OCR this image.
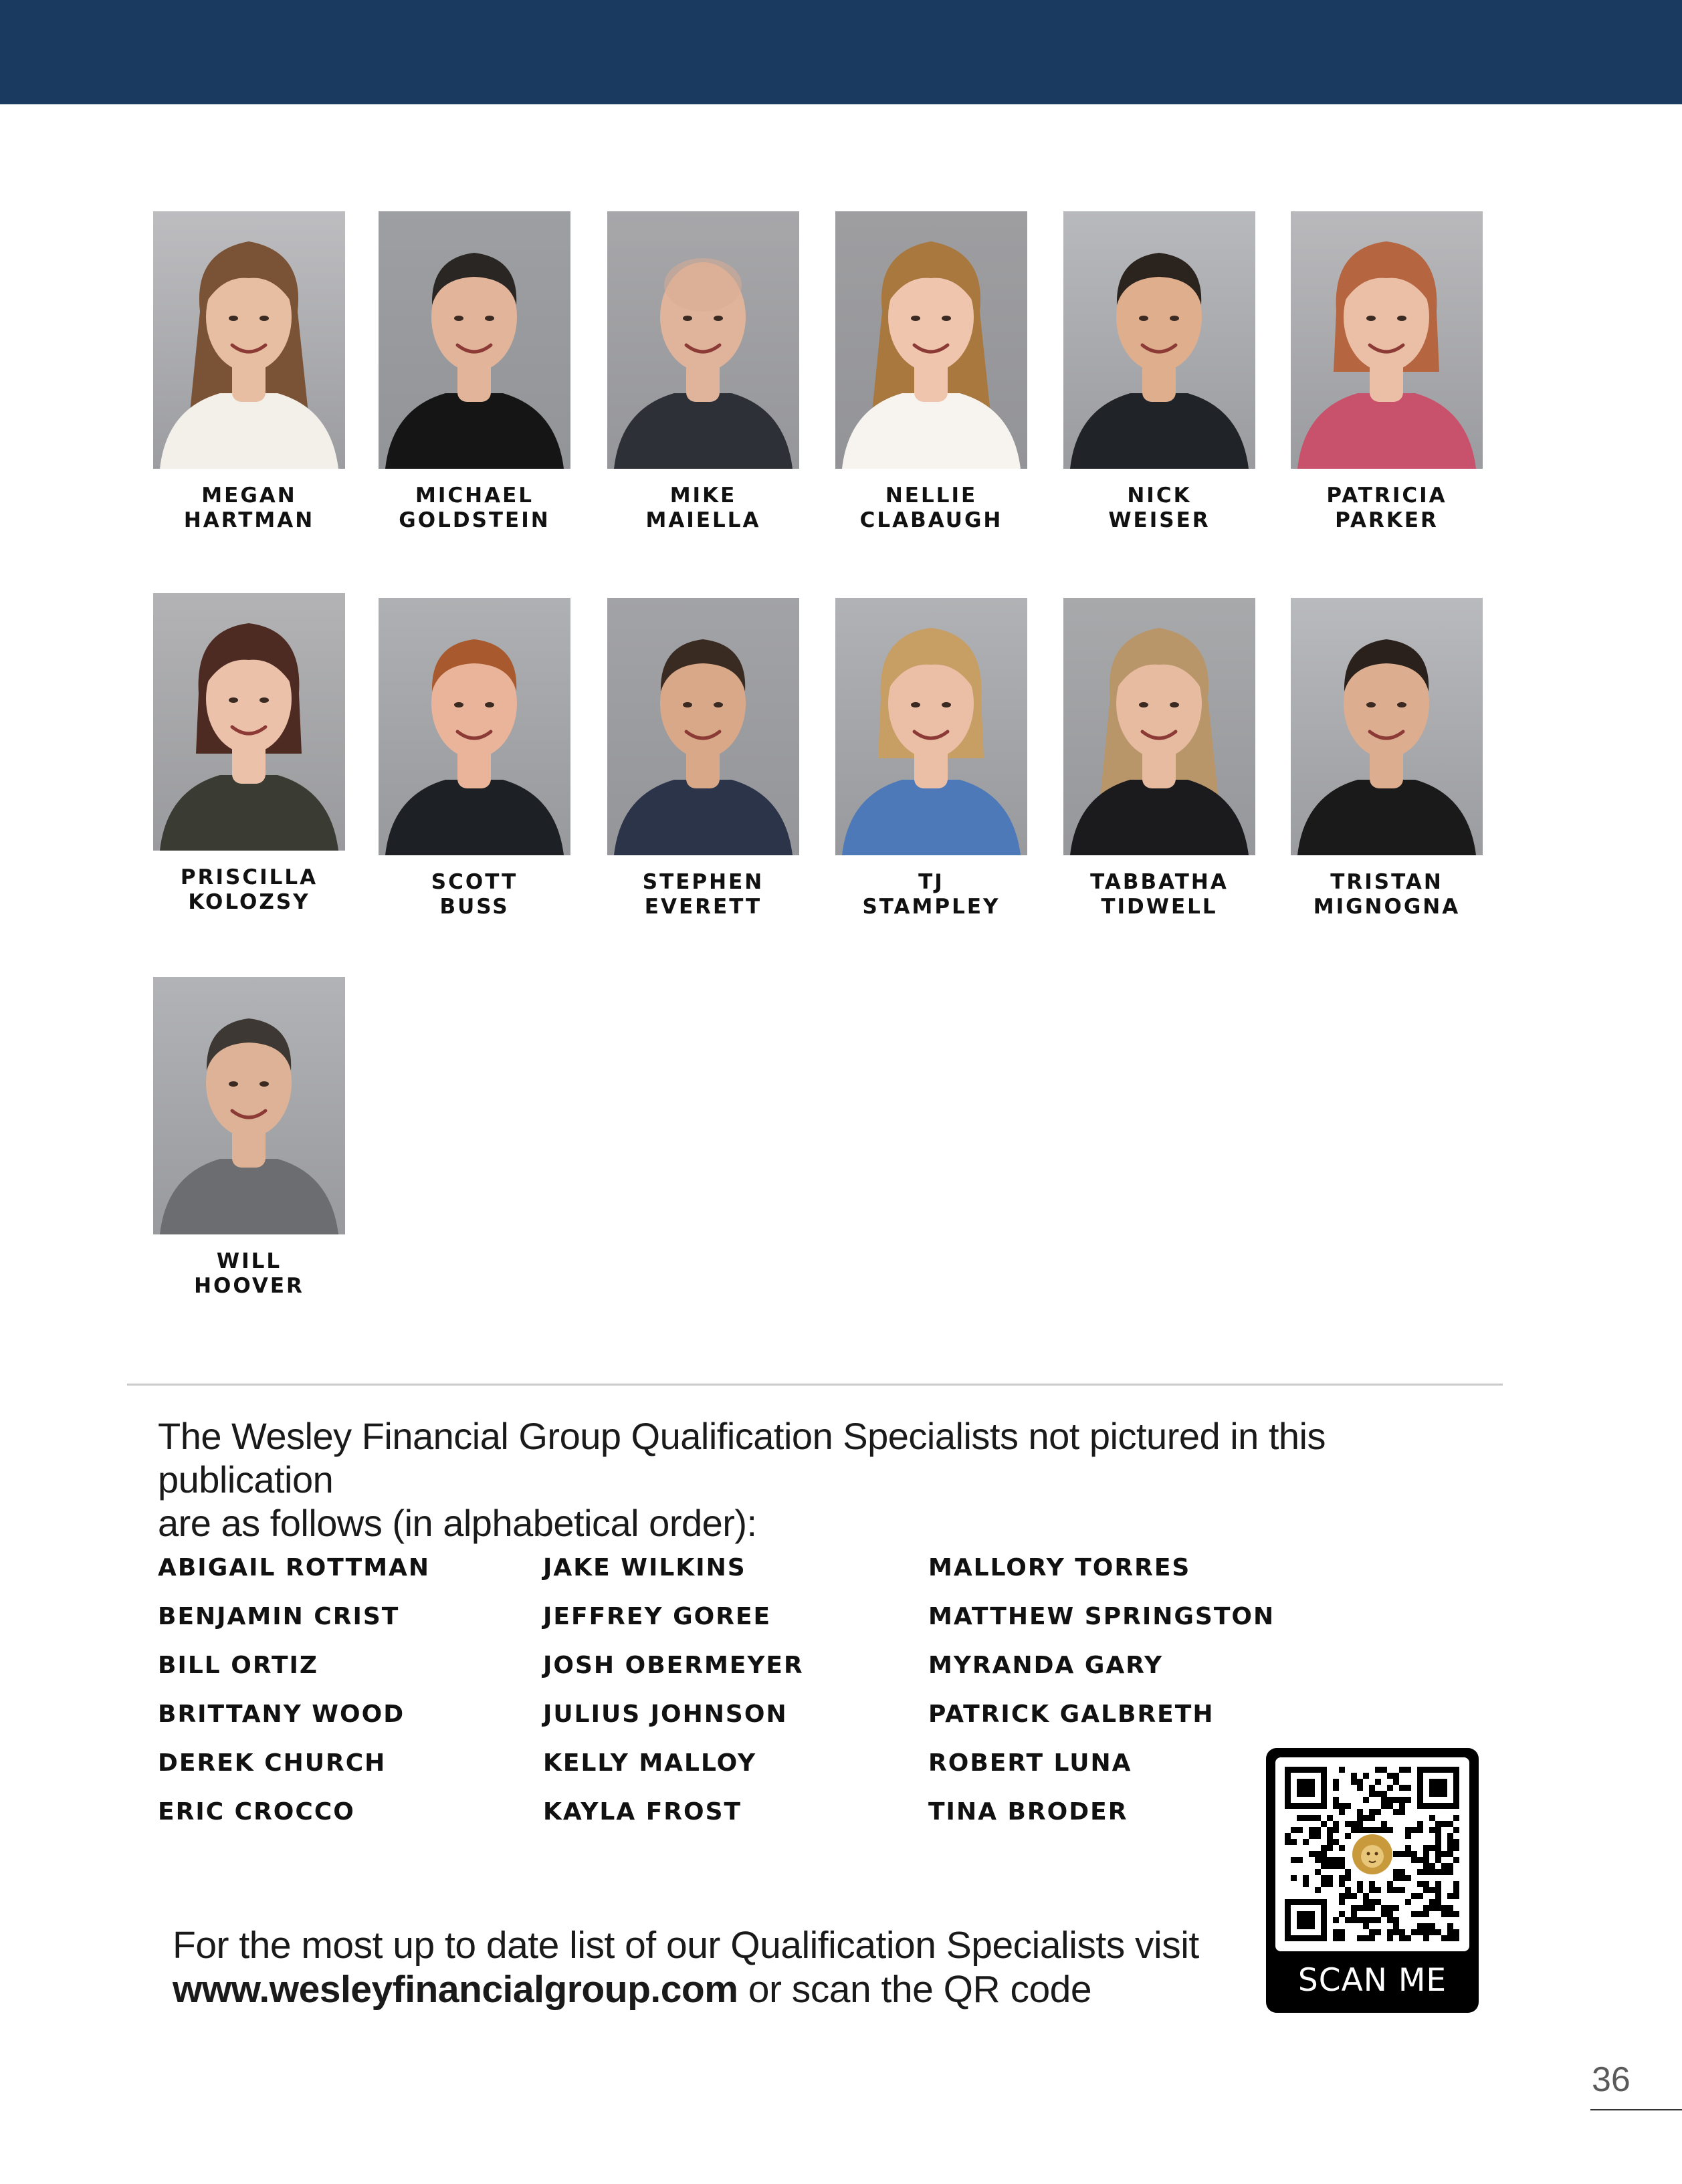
MEGAN
HARTMAN
MICHAEL
GOLDSTEIN
MIKE
MAIELLA
NELLIE
CLABAUGH
NICK
WEISER
PATRICIA
PARKER
PRISCILLA
KOLOZSY
SCOTT
BUSS
STEPHEN
EVERETT
TJ
STAMPLEY
TABBATHA
TIDWELL
TRISTAN
MIGNOGNA
WILL
HOOVER
The Wesley Financial Group Qualification Specialists not pictured in this publication
are as follows (in alphabetical order):
ABIGAIL ROTTMAN
BENJAMIN CRIST
BILL ORTIZ
BRITTANY WOOD
DEREK CHURCH
ERIC CROCCO
JAKE WILKINS
JEFFREY GOREE
JOSH OBERMEYER
JULIUS JOHNSON
KELLY MALLOY
KAYLA FROST
MALLORY TORRES
MATTHEW SPRINGSTON
MYRANDA GARY
PATRICK GALBRETH
ROBERT LUNA
TINA BRODER
For the most up to date list of our Qualification Specialists visit www.wesleyfinancialgroup.com or scan the QR code	SCAN ME
36
